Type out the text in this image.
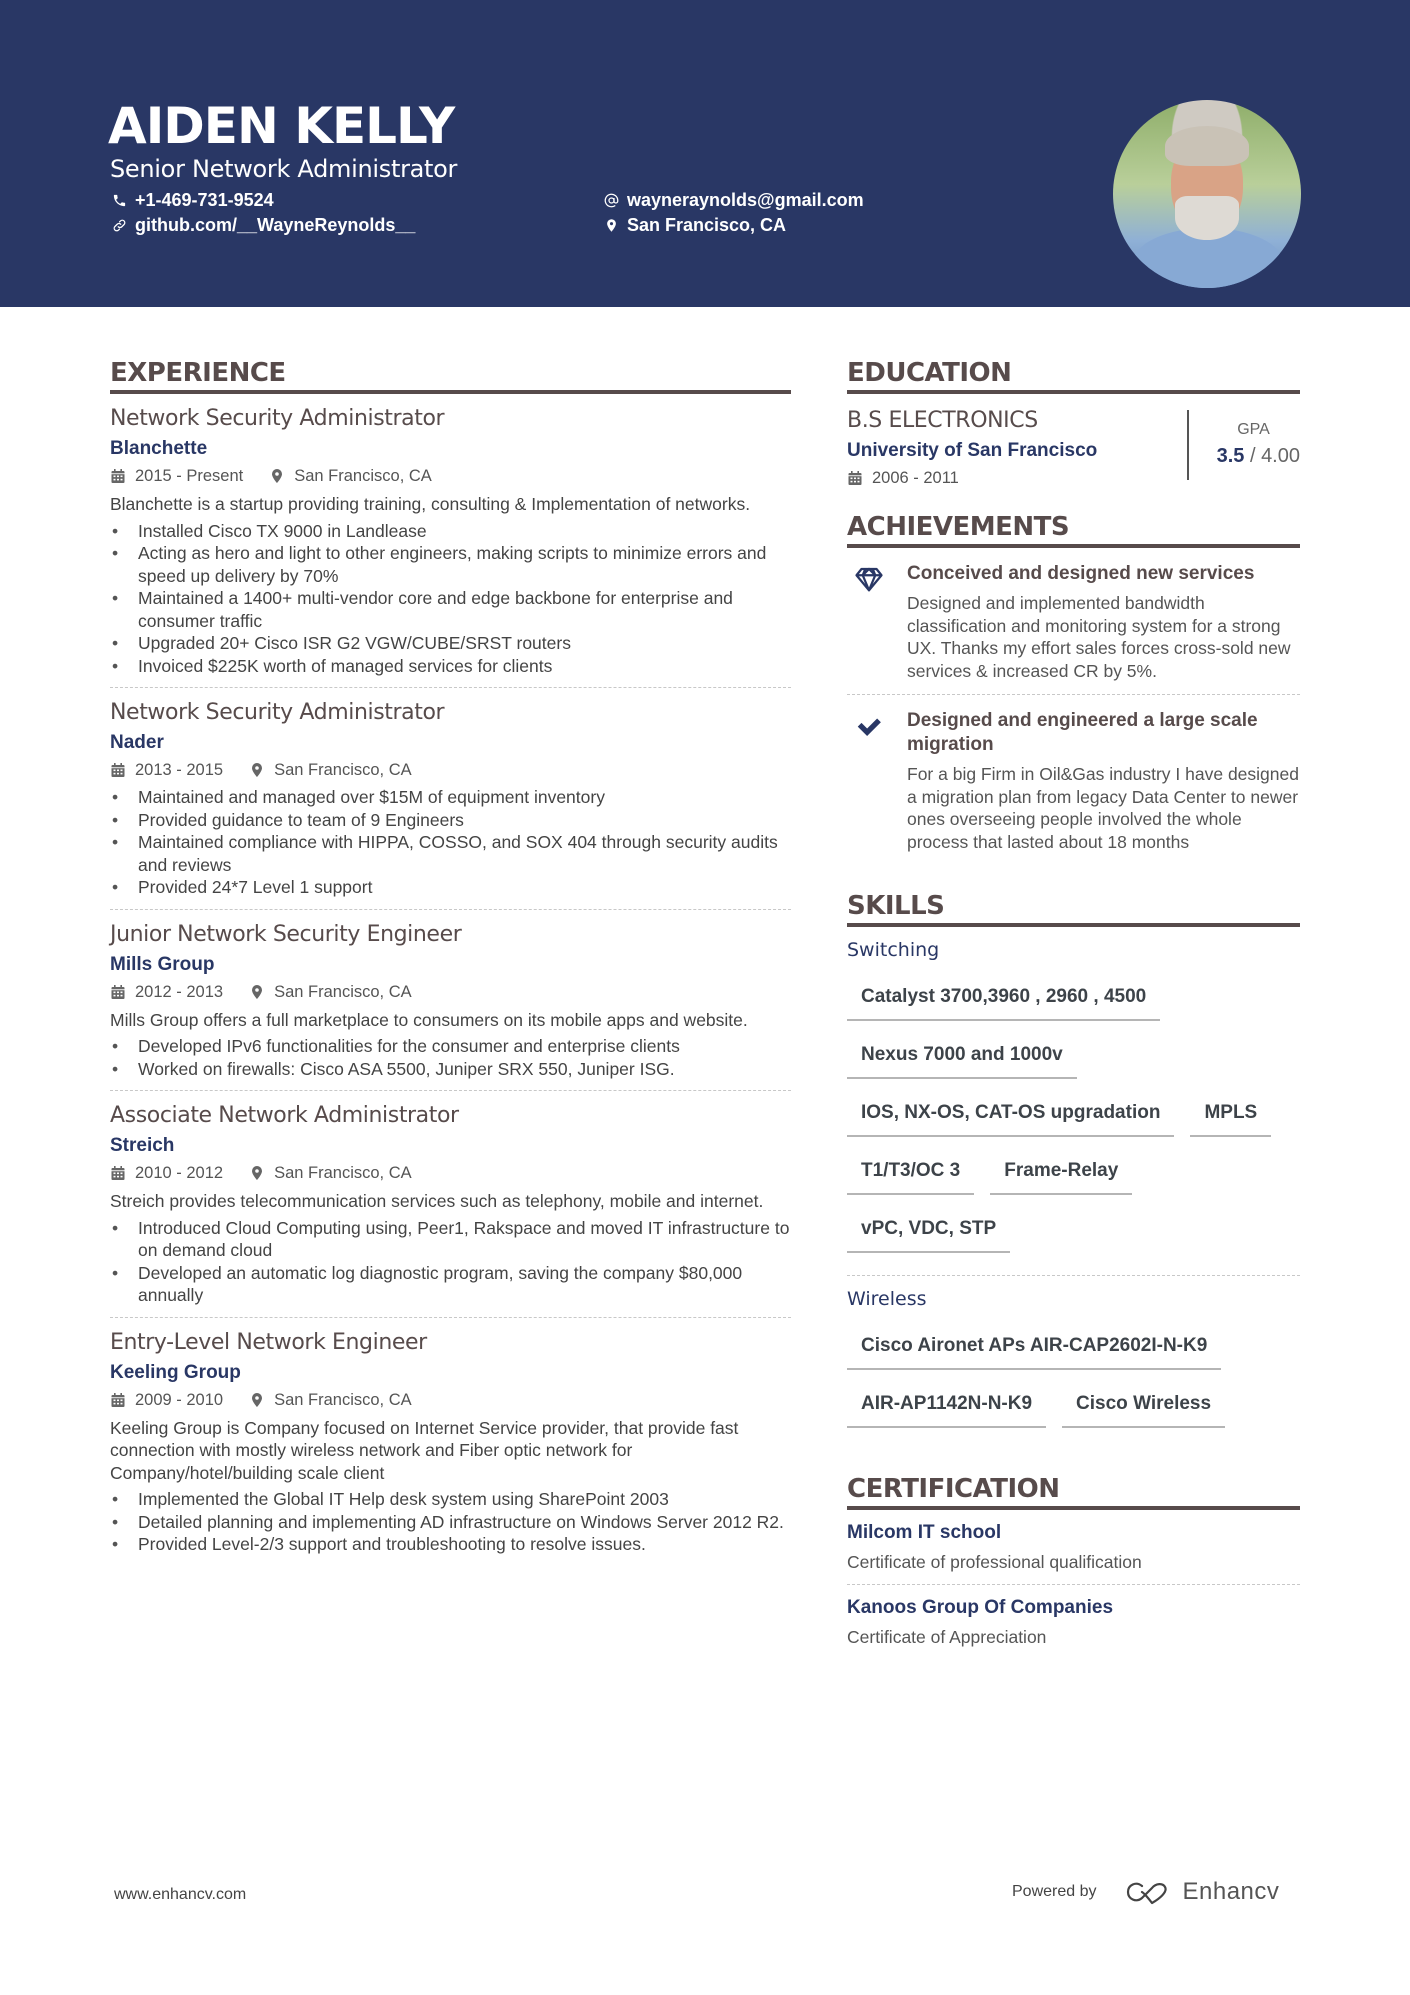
AIDEN KELLY
Senior Network Administrator
+1-469-731-9524
github.com/__WayneReynolds__
wayneraynolds@gmail.com
San Francisco, CA
EXPERIENCE
Network Security Administrator
Blanchette
2015 - Present	San Francisco, CA
Blanchette is a startup providing training, consulting & Implementation of networks.
• Installed Cisco TX 9000 in Landlease
• Acting as hero and light to other engineers, making scripts to minimize errors and speed up delivery by 70%
• Maintained a 1400+ multi-vendor core and edge backbone for enterprise and consumer traffic
• Upgraded 20+ Cisco ISR G2 VGW/CUBE/SRST routers
• Invoiced $225K worth of managed services for clients
Network Security Administrator
Nader
2013 - 2015	San Francisco, CA
• Maintained and managed over $15M of equipment inventory
• Provided guidance to team of 9 Engineers
• Maintained compliance with HIPPA, COSSO, and SOX 404 through security audits and reviews
• Provided 24*7 Level 1 support
Junior Network Security Engineer
Mills Group
2012 - 2013	San Francisco, CA
Mills Group offers a full marketplace to consumers on its mobile apps and website.
• Developed IPv6 functionalities for the consumer and enterprise clients
• Worked on firewalls: Cisco ASA 5500, Juniper SRX 550, Juniper ISG.
Associate Network Administrator
Streich
2010 - 2012	San Francisco, CA
Streich provides telecommunication services such as telephony, mobile and internet.
• Introduced Cloud Computing using, Peer1, Rakspace and moved IT infrastructure to on demand cloud
• Developed an automatic log diagnostic program, saving the company $80,000 annually
Entry-Level Network Engineer
Keeling Group
2009 - 2010	San Francisco, CA
Keeling Group is Company focused on Internet Service provider, that provide fast connection with mostly wireless network and Fiber optic network for Company/hotel/building scale client
• Implemented the Global IT Help desk system using SharePoint 2003
• Detailed planning and implementing AD infrastructure on Windows Server 2012 R2.
• Provided Level-2/3 support and troubleshooting to resolve issues.
EDUCATION
B.S ELECTRONICS
University of San Francisco
2006 - 2011
GPA
3.5 / 4.00
ACHIEVEMENTS
Conceived and designed new services
Designed and implemented bandwidth classification and monitoring system for a strong UX. Thanks my effort sales forces cross-sold new services & increased CR by 5%.
Designed and engineered a large scale migration
For a big Firm in Oil&Gas industry I have designed a migration plan from legacy Data Center to newer ones overseeing people involved the whole process that lasted about 18 months
SKILLS
Switching
Catalyst 3700,3960 , 2960 , 4500
Nexus 7000 and 1000v
IOS, NX-OS, CAT-OS upgradation	MPLS
T1/T3/OC 3	Frame-Relay
vPC, VDC, STP
Wireless
Cisco Aironet APs AIR-CAP2602I-N-K9
AIR-AP1142N-N-K9	Cisco Wireless
CERTIFICATION
Milcom IT school
Certificate of professional qualification
Kanoos Group Of Companies
Certificate of Appreciation
www.enhancv.com	Powered by	Enhancv
